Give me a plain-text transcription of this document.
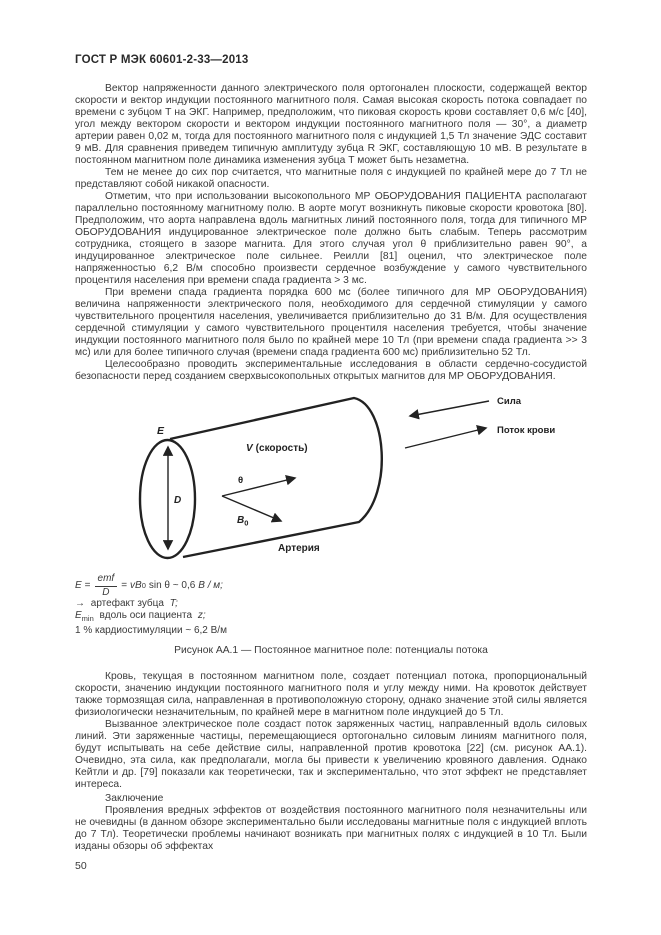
ГОСТ Р МЭК 60601-2-33—2013

Вектор напряженности данного электрического поля ортогонален плоскости, содержащей вектор скорости и вектор индукции постоянного магнитного поля. Самая высокая скорость потока совпадает по времени с зубцом T на ЭКГ. Например, предположим, что пиковая скорость крови составляет 0,6 м/с [40], угол между вектором скорости и вектором индукции постоянного магнитного поля — 30°, а диаметр артерии равен 0,02 м, тогда для постоянного магнитного поля с индукцией 1,5 Тл значение ЭДС составит 9 мВ. Для сравнения приведем типичную амплитуду зубца R ЭКГ, составляющую 10 мВ. В результате в постоянном магнитном поле динамика изменения зубца T может быть незаметна.

Тем не менее до сих пор считается, что магнитные поля с индукцией по крайней мере до 7 Тл не представляют собой никакой опасности.

Отметим, что при использовании высокопольного МР ОБОРУДОВАНИЯ ПАЦИЕНТА располагают параллельно постоянному магнитному полю. В аорте могут возникнуть пиковые скорости кровотока [80]. Предположим, что аорта направлена вдоль магнитных линий постоянного поля, тогда для типичного МР ОБОРУДОВАНИЯ индуцированное электрическое поле должно быть слабым. Теперь рассмотрим сотрудника, стоящего в зазоре магнита. Для этого случая угол θ приблизительно равен 90°, а индуцированное электрическое поле сильнее. Реилли [81] оценил, что электрическое поле напряженностью 6,2 В/м способно произвести сердечное возбуждение у самого чувствительного процентиля населения при времени спада градиента > 3 мс.

При времени спада градиента порядка 600 мс (более типичного для МР ОБОРУДОВАНИЯ) величина напряженности электрического поля, необходимого для сердечной стимуляции у самого чувствительного процентиля населения, увеличивается приблизительно до 31 В/м. Для осуществления сердечной стимуляции у самого чувствительного процентиля населения требуется, чтобы значение индукции постоянного магнитного поля было по крайней мере 10 Тл (при времени спада градиента >> 3 мс) или для более типичного случая (времени спада градиента 600 мс) приблизительно 52 Тл.

Целесообразно проводить экспериментальные исследования в области сердечно-сосудистой безопасности перед созданием сверхвысокопольных открытых магнитов для МР ОБОРУДОВАНИЯ.

E
D
V (скорость)
θ
$B_0$
Артерия
Сила
Поток крови
$E = \frac{\text{emf}}{D} = v$ B 0 sin θ ~ 0,6 В / м;
→ артефакт зубца T;
$E_{min}$ вдоль оси пациента z;
1 % кардиостимуляции ~ 6,2 В/м

Рисунок АА.1 — Постоянное магнитное поле: потенциалы потока

Кровь, текущая в постоянном магнитном поле, создает потенциал потока, пропорциональный скорости, значению индукции постоянного магнитного поля и углу между ними. На кровоток действует также тормозящая сила, направленная в противоположную сторону, однако значение этой силы является физиологически незначительным, по крайней мере в магнитном поле индукцией до 5 Тл.

Вызванное электрическое поле создаст поток заряженных частиц, направленный вдоль силовых линий. Эти заряженные частицы, перемещающиеся ортогонально силовым линиям магнитного поля, будут испытывать на себе действие силы, направленной против кровотока [22] (см. рисунок АА.1). Очевидно, эта сила, как предполагали, могла бы привести к увеличению кровяного давления. Однако Кейтли и др. [79] показали как теоретически, так и экспериментально, что этот эффект не представляет интереса.

Заключение

Проявления вредных эффектов от воздействия постоянного магнитного поля незначительны или не очевидны (в данном обзоре экспериментально были исследованы магнитные поля с индукцией вплоть до 7 Тл). Теоретически проблемы начинают возникать при магнитных полях с индукцией в 10 Тл. Были изданы обзоры об эффектах

50
